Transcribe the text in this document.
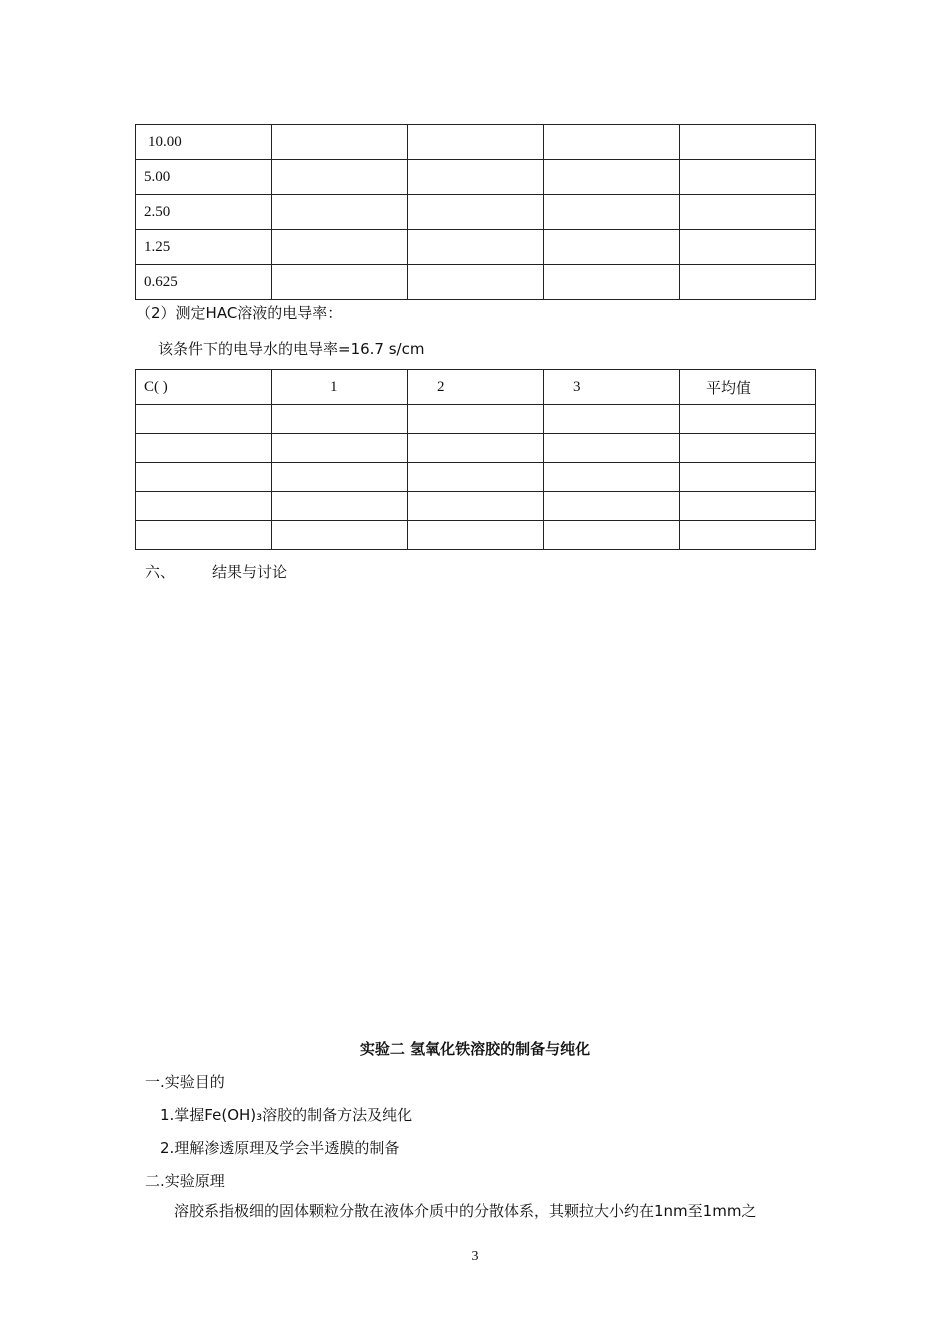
10.00				
5.00				
2.50				
1.25				
0.625				
（2）测定HAC溶液的电导率：
该条件下的电导水的电导率=16.7 s/cm
C( )	1	2	3	平均值

六、 结果与讨论
实验二 氢氧化铁溶胶的制备与纯化
一.实验目的
1.掌握Fe(OH)₃溶胶的制备方法及纯化
2.理解渗透原理及学会半透膜的制备
二.实验原理
溶胶系指极细的固体颗粒分散在液体介质中的分散体系，其颗拉大小约在1nm至1mm之
3
